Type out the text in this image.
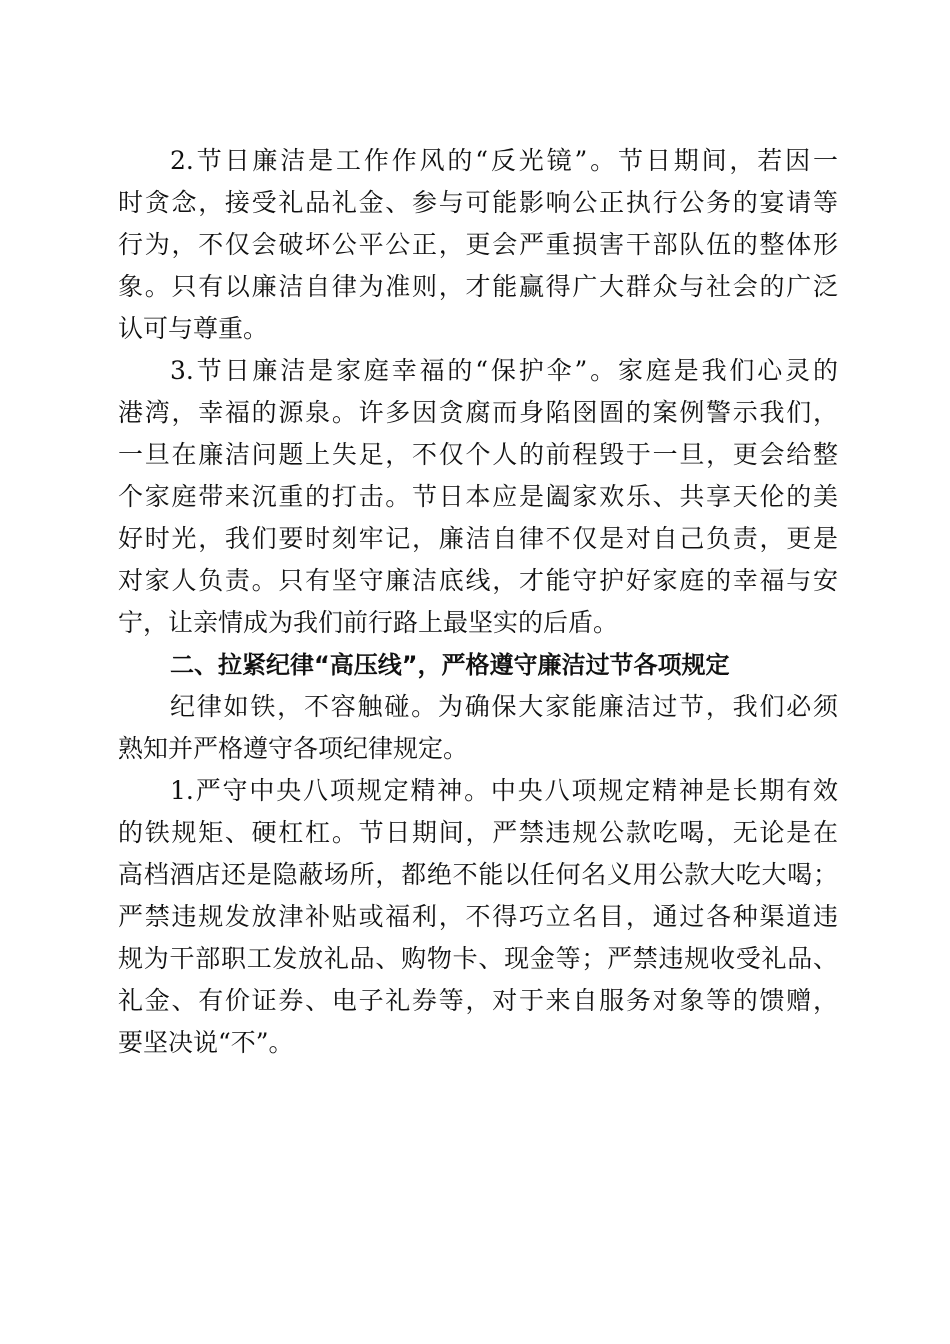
2.节日廉洁是工作作风的“反光镜”。节日期间，若因一
时贪念，接受礼品礼金、参与可能影响公正执行公务的宴请等
行为，不仅会破坏公平公正，更会严重损害干部队伍的整体形
象。只有以廉洁自律为准则，才能赢得广大群众与社会的广泛
认可与尊重。
3.节日廉洁是家庭幸福的“保护伞”。家庭是我们心灵的
港湾，幸福的源泉。许多因贪腐而身陷囹圄的案例警示我们，
一旦在廉洁问题上失足，不仅个人的前程毁于一旦，更会给整
个家庭带来沉重的打击。节日本应是阖家欢乐、共享天伦的美
好时光，我们要时刻牢记，廉洁自律不仅是对自己负责，更是
对家人负责。只有坚守廉洁底线，才能守护好家庭的幸福与安
宁，让亲情成为我们前行路上最坚实的后盾。
二、拉紧纪律“高压线”，严格遵守廉洁过节各项规定
纪律如铁，不容触碰。为确保大家能廉洁过节，我们必须
熟知并严格遵守各项纪律规定。
1.严守中央八项规定精神。中央八项规定精神是长期有效
的铁规矩、硬杠杠。节日期间，严禁违规公款吃喝，无论是在
高档酒店还是隐蔽场所，都绝不能以任何名义用公款大吃大喝；
严禁违规发放津补贴或福利，不得巧立名目，通过各种渠道违
规为干部职工发放礼品、购物卡、现金等；严禁违规收受礼品、
礼金、有价证券、电子礼券等，对于来自服务对象等的馈赠，
要坚决说“不”。
